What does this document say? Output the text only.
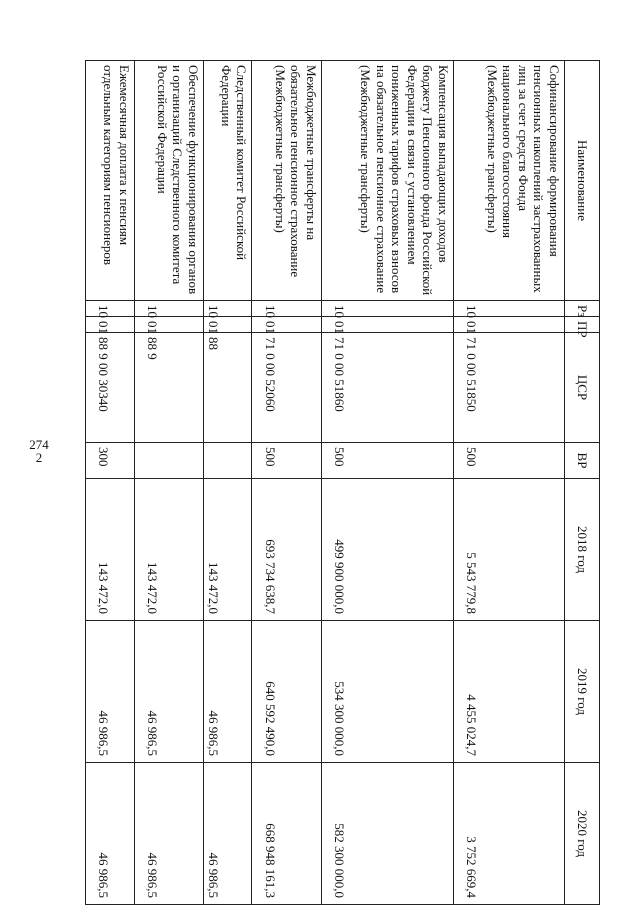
2742
Наименование	Рз	ПР	ЦСР	ВР	2018 год	2019 год	2020 год
Софинансирование формирования пенсионных накоплений застрахованных лиц за счет средств Фонда национального благосостояния (Межбюджетные трансферты)	10	01	71 0 00 51850	500	5 543 779,8	4 455 024,7	3 752 669,4
Компенсация выпадающих доходов бюджету Пенсионного фонда Российской Федерации в связи с установлением пониженных тарифов страховых взносов на обязательное пенсионное страхование (Межбюджетные трансферты)	10	01	71 0 00 51860	500	499 900 000,0	534 300 000,0	582 300 000,0
Межбюджетные трансферты на обязательное пенсионное страхование (Межбюджетные трансферты)	10	01	71 0 00 52060	500	693 734 638,7	640 592 490,0	668 948 161,3
Следственный комитет Российской Федерации	10	01	88		143 472,0	46 986,5	46 986,5
Обеспечение функционирования органов и организаций Следственного комитета Российской Федерации	10	01	88 9		143 472,0	46 986,5	46 986,5
Ежемесячная доплата к пенсиям отдельным категориям пенсионеров	10	01	88 9 00 30340	300	143 472,0	46 986,5	46 986,5
